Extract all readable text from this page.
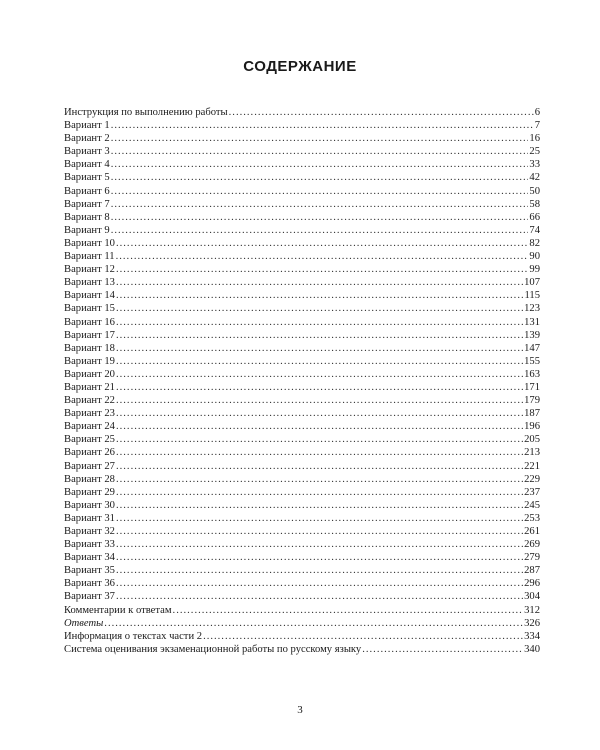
СОДЕРЖАНИЕ
Инструкция по выполнению работы .....	6
Вариант 1 .....	7
Вариант 2 .....	16
Вариант 3 .....	25
Вариант 4 .....	33
Вариант 5 .....	42
Вариант 6 .....	50
Вариант 7 .....	58
Вариант 8 .....	66
Вариант 9 .....	74
Вариант 10 .....	82
Вариант 11 .....	90
Вариант 12 .....	99
Вариант 13 .....	107
Вариант 14 .....	115
Вариант 15 .....	123
Вариант 16 .....	131
Вариант 17 .....	139
Вариант 18 .....	147
Вариант 19 .....	155
Вариант 20 .....	163
Вариант 21 .....	171
Вариант 22 .....	179
Вариант 23 .....	187
Вариант 24 .....	196
Вариант 25 .....	205
Вариант 26 .....	213
Вариант 27 .....	221
Вариант 28 .....	229
Вариант 29 .....	237
Вариант 30 .....	245
Вариант 31 .....	253
Вариант 32 .....	261
Вариант 33 .....	269
Вариант 34 .....	279
Вариант 35 .....	287
Вариант 36 .....	296
Вариант 37 .....	304
Комментарии к ответам .....	312
Ответы .....	326
Информация о текстах части 2 .....	334
Система оценивания экзаменационной работы по русскому языку .....	340
3
